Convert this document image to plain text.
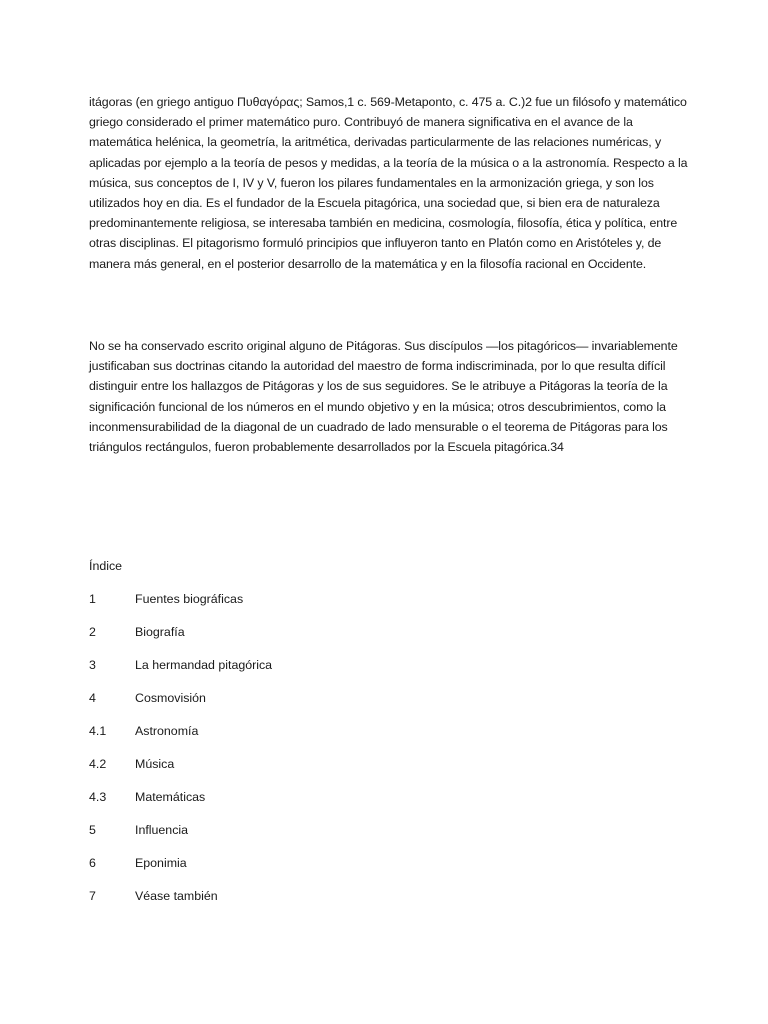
itágoras (en griego antiguo Πυθαγόρας; Samos,1 c. 569-Metaponto, c. 475 a. C.)2 fue un filósofo y matemático griego considerado el primer matemático puro. Contribuyó de manera significativa en el avance de la matemática helénica, la geometría, la aritmética, derivadas particularmente de las relaciones numéricas, y aplicadas por ejemplo a la teoría de pesos y medidas, a la teoría de la música o a la astronomía. Respecto a la música, sus conceptos de I, IV y V, fueron los pilares fundamentales en la armonización griega, y son los utilizados hoy en dia. Es el fundador de la Escuela pitagórica, una sociedad que, si bien era de naturaleza predominantemente religiosa, se interesaba también en medicina, cosmología, filosofía, ética y política, entre otras disciplinas. El pitagorismo formuló principios que influyeron tanto en Platón como en Aristóteles y, de manera más general, en el posterior desarrollo de la matemática y en la filosofía racional en Occidente.

No se ha conservado escrito original alguno de Pitágoras. Sus discípulos —los pitagóricos— invariablemente justificaban sus doctrinas citando la autoridad del maestro de forma indiscriminada, por lo que resulta difícil distinguir entre los hallazgos de Pitágoras y los de sus seguidores. Se le atribuye a Pitágoras la teoría de la significación funcional de los números en el mundo objetivo y en la música; otros descubrimientos, como la inconmensurabilidad de la diagonal de un cuadrado de lado mensurable o el teorema de Pitágoras para los triángulos rectángulos, fueron probablemente desarrollados por la Escuela pitagórica.34

Índice

1	Fuentes biográficas
2	Biografía
3	La hermandad pitagórica
4	Cosmovisión
4.1	Astronomía
4.2	Música
4.3	Matemáticas
5	Influencia
6	Eponimia
7	Véase también
